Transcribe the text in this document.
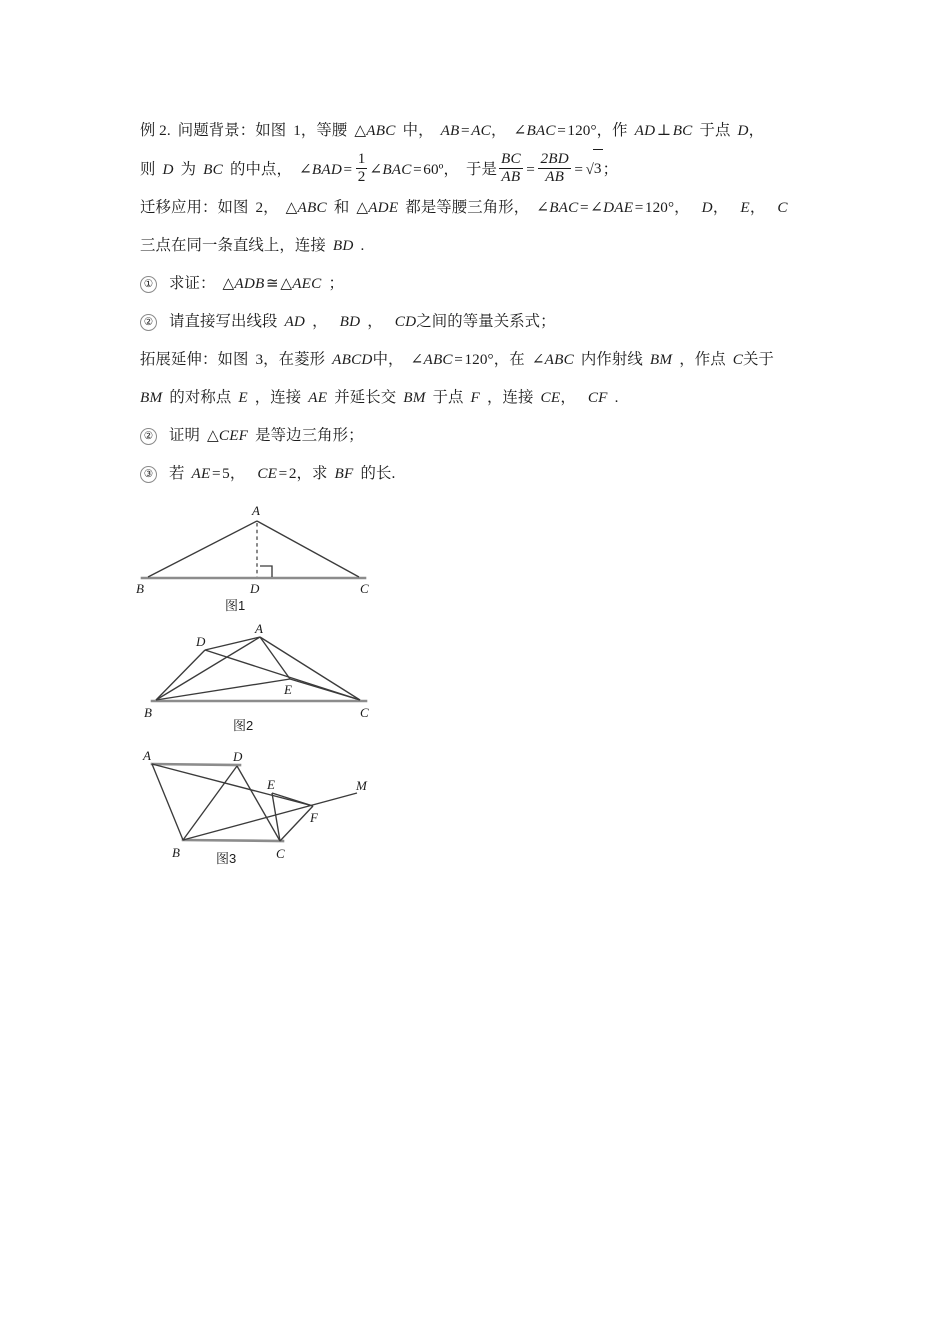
例 2. 问题背景：如图 1，等腰 △ABC 中， AB=AC， ∠BAC=120°，作 AD⊥BC 于点 D，
则 D 为 BC 的中点， ∠BAD= $\frac{1}{2}$ ∠BAC=60º， 于是 $\frac{BC}{AB} = \frac{2BD}{AB} = √3$；
迁移应用：如图 2， △ABC 和 △ADE 都是等腰三角形， ∠BAC=∠DAE=120°， D， E， C
三点在同一条直线上，连接 BD .
① 求证： △ADB≅△AEC ；
② 请直接写出线段 AD ， BD ， CD之间的等量关系式；
拓展延伸：如图 3，在菱形 ABCD中， ∠ABC=120°，在 ∠ABC 内作射线 BM ，作点 C关于
BM 的对称点 E ，连接 AE 并延长交 BM 于点 F ，连接 CE， CF .
② 证明 △CEF 是等边三角形；
③ 若 AE=5， CE=2，求 BF 的长.
A
B	C
D
图1
A
D
B	C
E
图2
A	D
B	C
E
F
M
图3
